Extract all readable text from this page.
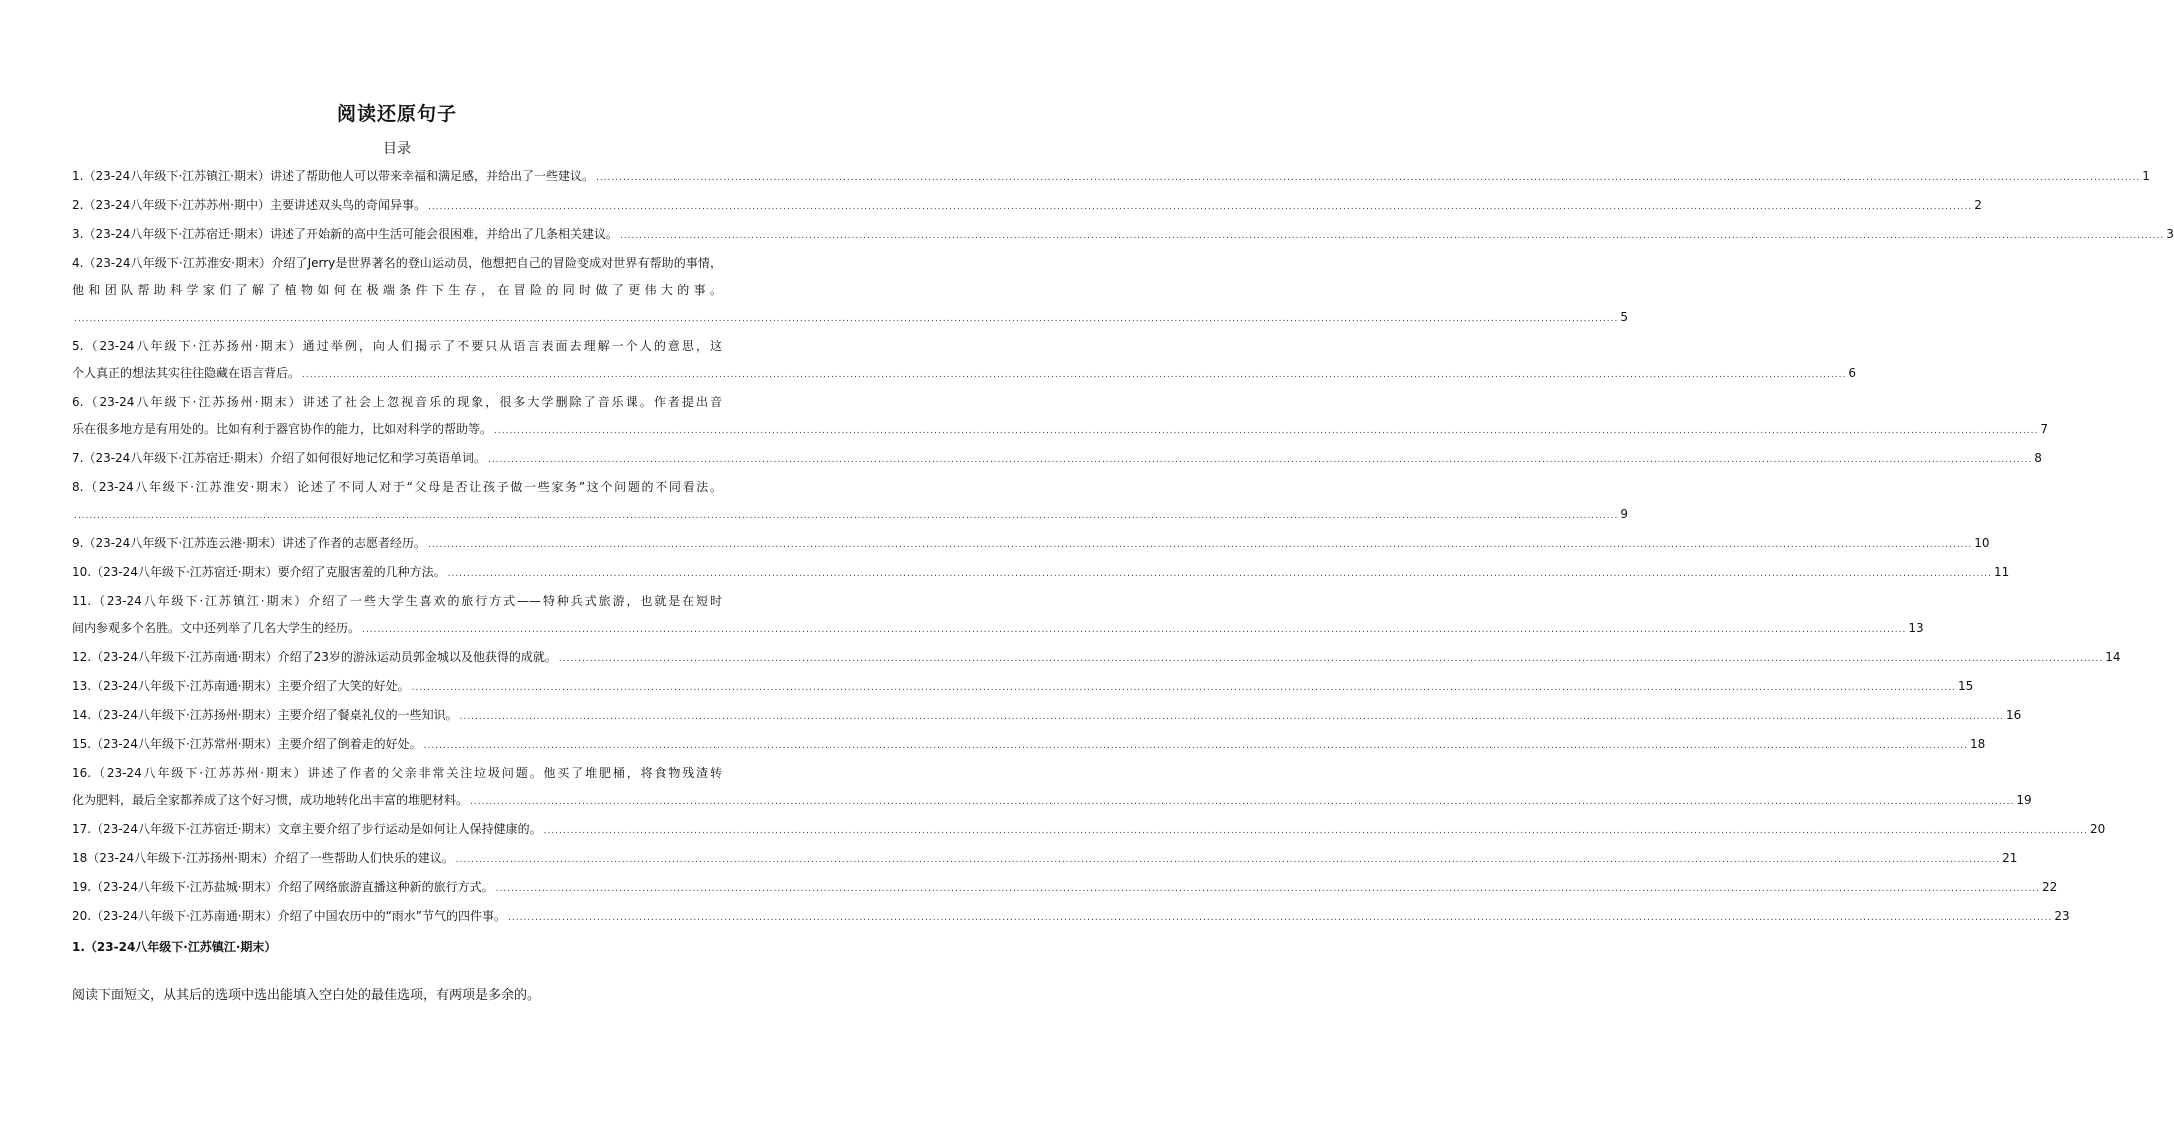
阅读还原句子
目录
1.（23-24八年级下·江苏镇江·期末）讲述了帮助他人可以带来幸福和满足感，并给出了一些建议。 ................................................................................................................................................................................................................................................................................................................................................................................................................ 1
2.（23-24八年级下·江苏苏州·期中）主要讲述双头鸟的奇闻异事。 ................................................................................................................................................................................................................................................................................................................................................................................................................ 2
3.（23-24八年级下·江苏宿迁·期末）讲述了开始新的高中生活可能会很困难，并给出了几条相关建议。 ................................................................................................................................................................................................................................................................................................................................................................................................................ 3
4.（23-24八年级下·江苏淮安·期末）介绍了Jerry是世界著名的登山运动员，他想把自己的冒险变成对世界有帮助的事情，他和团队帮助科学家们了解了植物如何在极端条件下生存，在冒险的同时做了更伟大的事。
................................................................................................................................................................................................................................................................................................................................................................................................................ 5
5.（23-24八年级下·江苏扬州·期末）通过举例，向人们揭示了不要只从语言表面去理解一个人的意思，这
个人真正的想法其实往往隐藏在语言背后。 ................................................................................................................................................................................................................................................................................................................................................................................................................ 6
6.（23-24八年级下·江苏扬州·期末）讲述了社会上忽视音乐的现象，很多大学删除了音乐课。作者提出音
乐在很多地方是有用处的。比如有利于器官协作的能力，比如对科学的帮助等。 ................................................................................................................................................................................................................................................................................................................................................................................................................ 7
7.（23-24八年级下·江苏宿迁·期末）介绍了如何很好地记忆和学习英语单词。 ................................................................................................................................................................................................................................................................................................................................................................................................................ 8
8.（23-24八年级下·江苏淮安·期末）论述了不同人对于“父母是否让孩子做一些家务”这个问题的不同看法。
................................................................................................................................................................................................................................................................................................................................................................................................................ 9
9.（23-24八年级下·江苏连云港·期末）讲述了作者的志愿者经历。 ................................................................................................................................................................................................................................................................................................................................................................................................................ 10
10.（23-24八年级下·江苏宿迁·期末）要介绍了克服害羞的几种方法。 ................................................................................................................................................................................................................................................................................................................................................................................................................ 11
11.（23-24八年级下·江苏镇江·期末）介绍了一些大学生喜欢的旅行方式——特种兵式旅游，也就是在短时
间内参观多个名胜。文中还列举了几名大学生的经历。 ................................................................................................................................................................................................................................................................................................................................................................................................................ 13
12.（23-24八年级下·江苏南通·期末）介绍了23岁的游泳运动员郭金城以及他获得的成就。 ................................................................................................................................................................................................................................................................................................................................................................................................................ 14
13.（23-24八年级下·江苏南通·期末）主要介绍了大笑的好处。 ................................................................................................................................................................................................................................................................................................................................................................................................................ 15
14.（23-24八年级下·江苏扬州·期末）主要介绍了餐桌礼仪的一些知识。 ................................................................................................................................................................................................................................................................................................................................................................................................................ 16
15.（23-24八年级下·江苏常州·期末）主要介绍了倒着走的好处。 ................................................................................................................................................................................................................................................................................................................................................................................................................ 18
16.（23-24八年级下·江苏苏州·期末）讲述了作者的父亲非常关注垃圾问题。他买了堆肥桶，将食物残渣转
化为肥料，最后全家都养成了这个好习惯，成功地转化出丰富的堆肥材料。 ................................................................................................................................................................................................................................................................................................................................................................................................................ 19
17.（23-24八年级下·江苏宿迁·期末）文章主要介绍了步行运动是如何让人保持健康的。 ................................................................................................................................................................................................................................................................................................................................................................................................................ 20
18（23-24八年级下·江苏扬州·期末）介绍了一些帮助人们快乐的建议。 ................................................................................................................................................................................................................................................................................................................................................................................................................ 21
19.（23-24八年级下·江苏盐城·期末）介绍了网络旅游直播这种新的旅行方式。 ................................................................................................................................................................................................................................................................................................................................................................................................................ 22
20.（23-24八年级下·江苏南通·期末）介绍了中国农历中的“雨水”节气的四件事。 ................................................................................................................................................................................................................................................................................................................................................................................................................ 23
1.（23-24八年级下·江苏镇江·期末）
阅读下面短文，从其后的选项中选出能填入空白处的最佳选项，有两项是多余的。
